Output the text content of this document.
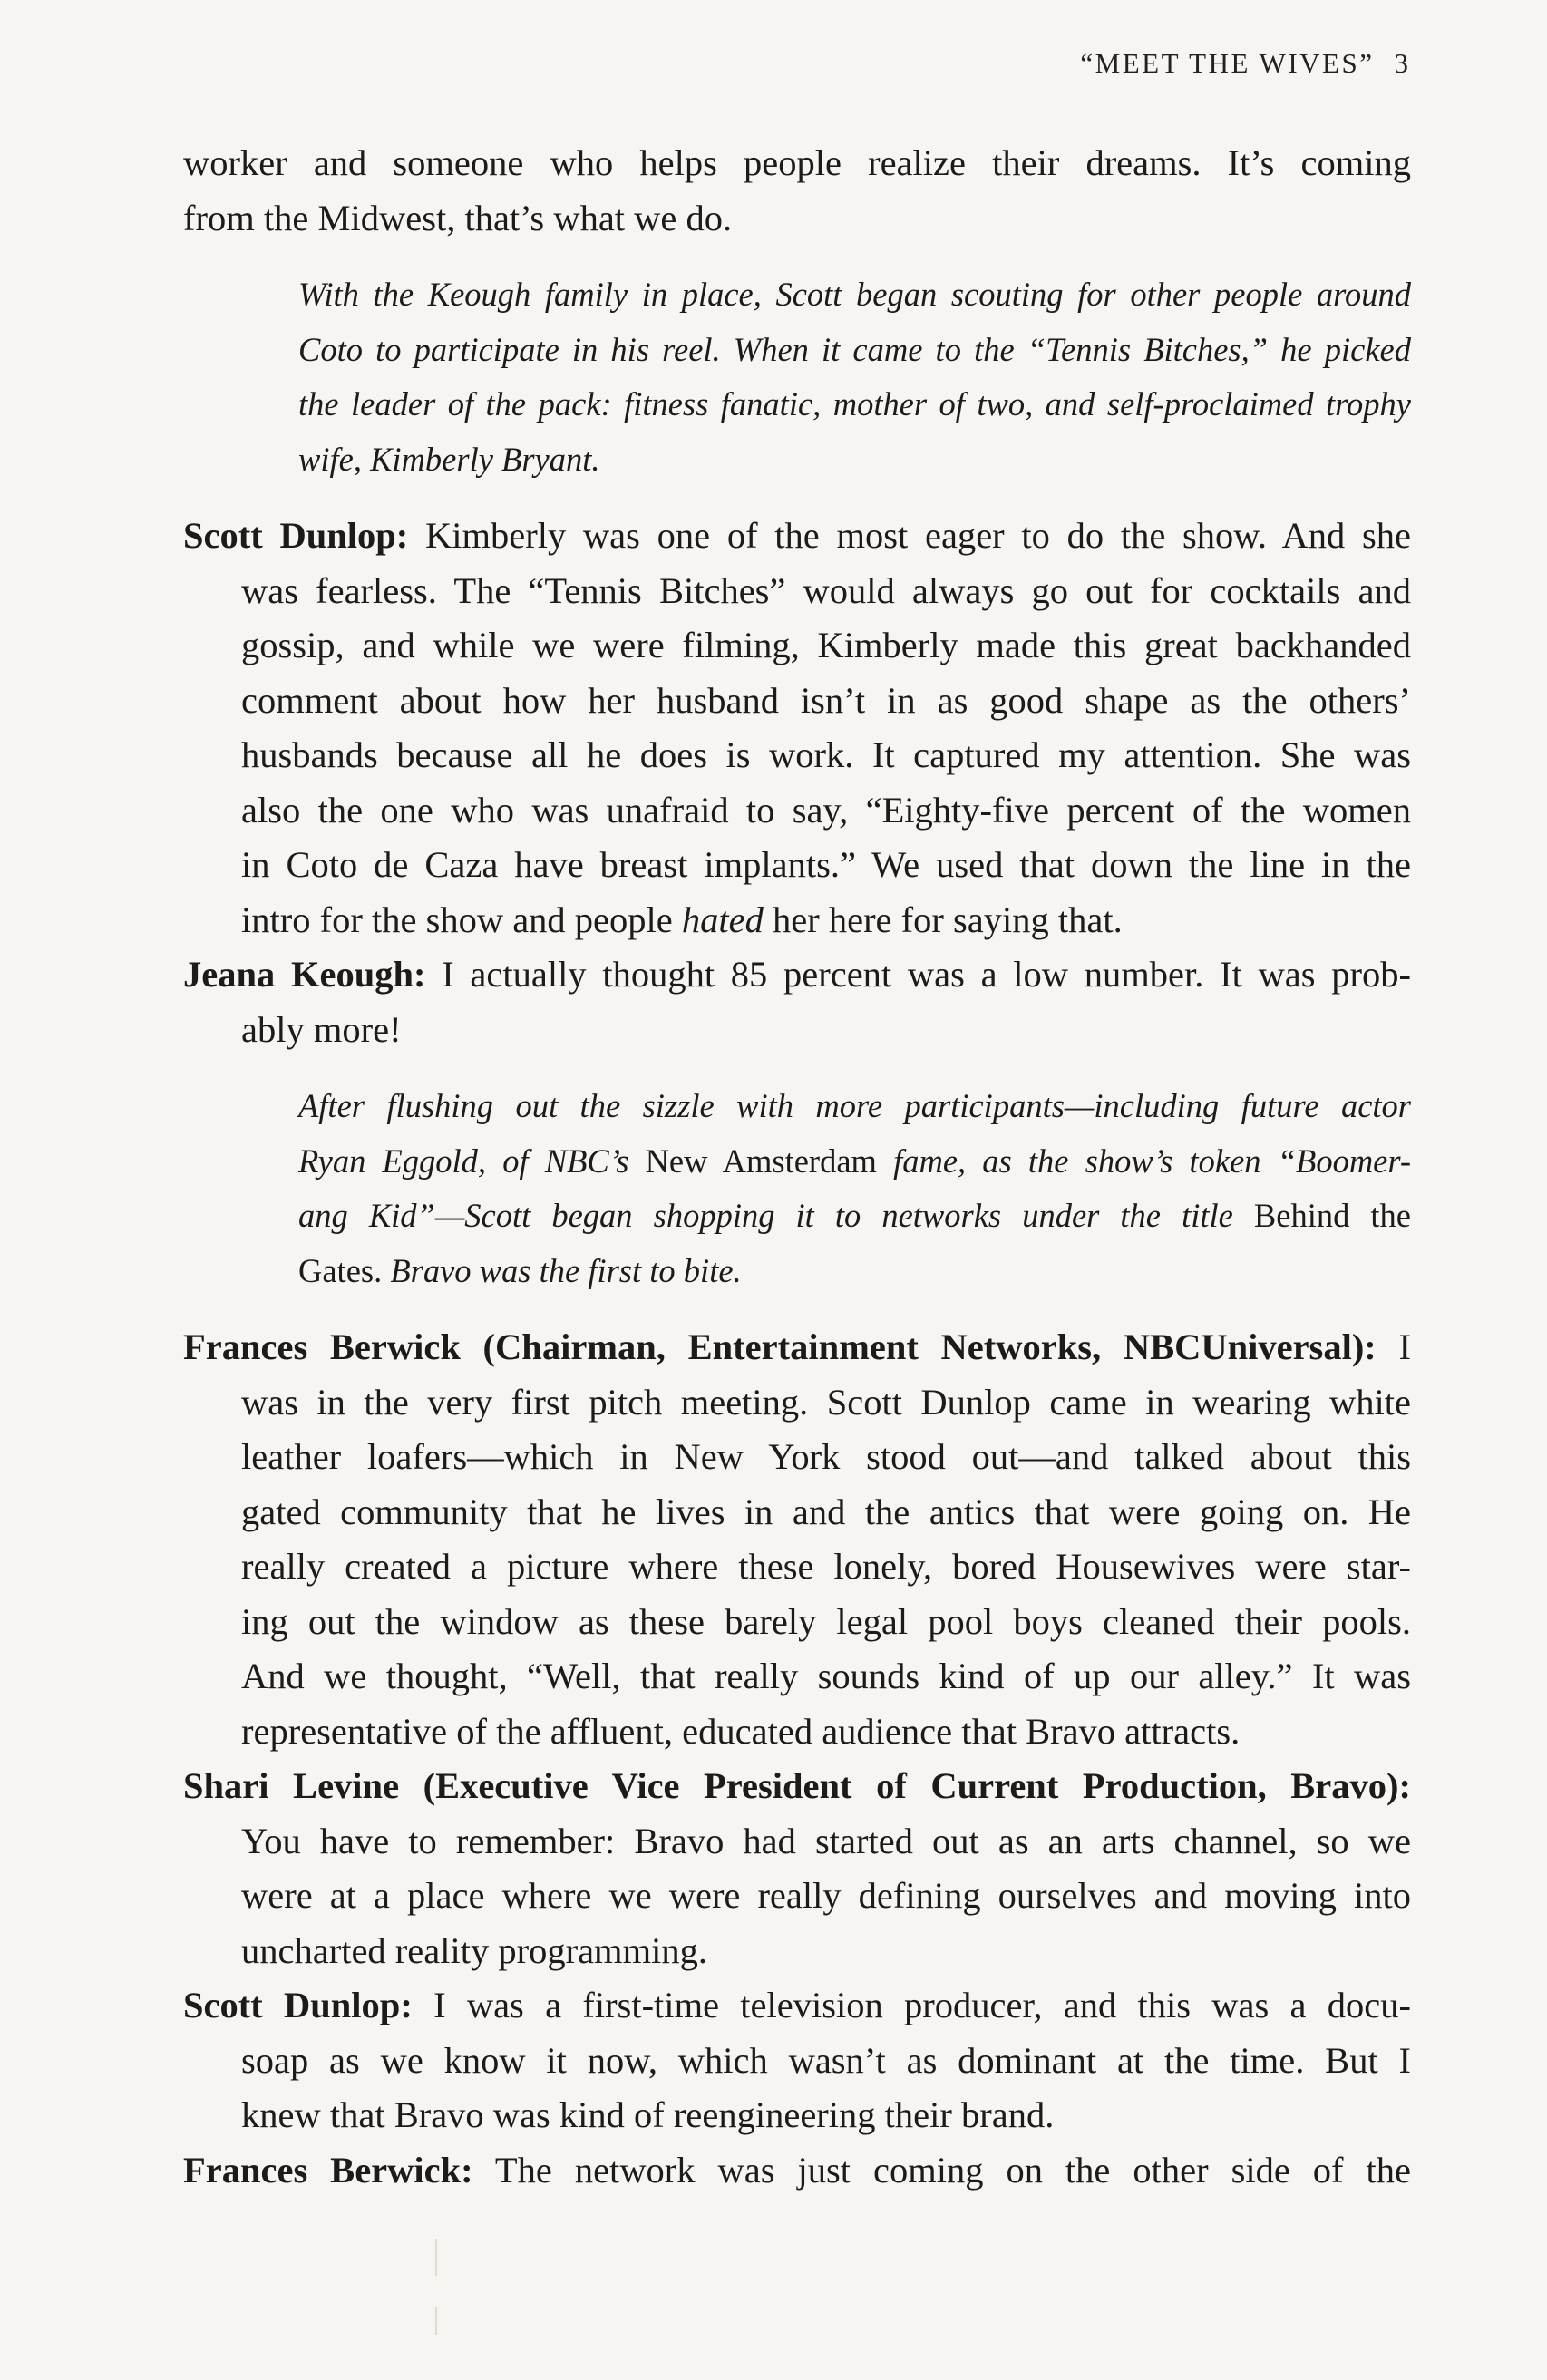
“MEET THE WIVES” 3
worker and someone who helps people realize their dreams. It’s coming
from the Midwest, that’s what we do.
With the Keough family in place, Scott began scouting for other people around
Coto to participate in his reel. When it came to the “Tennis Bitches,” he picked
the leader of the pack: fitness fanatic, mother of two, and self-proclaimed trophy
wife, Kimberly Bryant.
Scott Dunlop: Kimberly was one of the most eager to do the show. And she
was fearless. The “Tennis Bitches” would always go out for cocktails and
gossip, and while we were filming, Kimberly made this great backhanded
comment about how her husband isn’t in as good shape as the others’
husbands because all he does is work. It captured my attention. She was
also the one who was unafraid to say, “Eighty-five percent of the women
in Coto de Caza have breast implants.” We used that down the line in the
intro for the show and people hated her here for saying that.
Jeana Keough: I actually thought 85 percent was a low number. It was prob-
ably more!
After flushing out the sizzle with more participants—including future actor
Ryan Eggold, of NBC’s New Amsterdam fame, as the show’s token “Boomer-
ang Kid”—Scott began shopping it to networks under the title Behind the
Gates. Bravo was the first to bite.
Frances Berwick (Chairman, Entertainment Networks, NBCUniversal): I
was in the very first pitch meeting. Scott Dunlop came in wearing white
leather loafers—which in New York stood out—and talked about this
gated community that he lives in and the antics that were going on. He
really created a picture where these lonely, bored Housewives were star-
ing out the window as these barely legal pool boys cleaned their pools.
And we thought, “Well, that really sounds kind of up our alley.” It was
representative of the affluent, educated audience that Bravo attracts.
Shari Levine (Executive Vice President of Current Production, Bravo):
You have to remember: Bravo had started out as an arts channel, so we
were at a place where we were really defining ourselves and moving into
uncharted reality programming.
Scott Dunlop: I was a first-time television producer, and this was a docu-
soap as we know it now, which wasn’t as dominant at the time. But I
knew that Bravo was kind of reengineering their brand.
Frances Berwick: The network was just coming on the other side of the
